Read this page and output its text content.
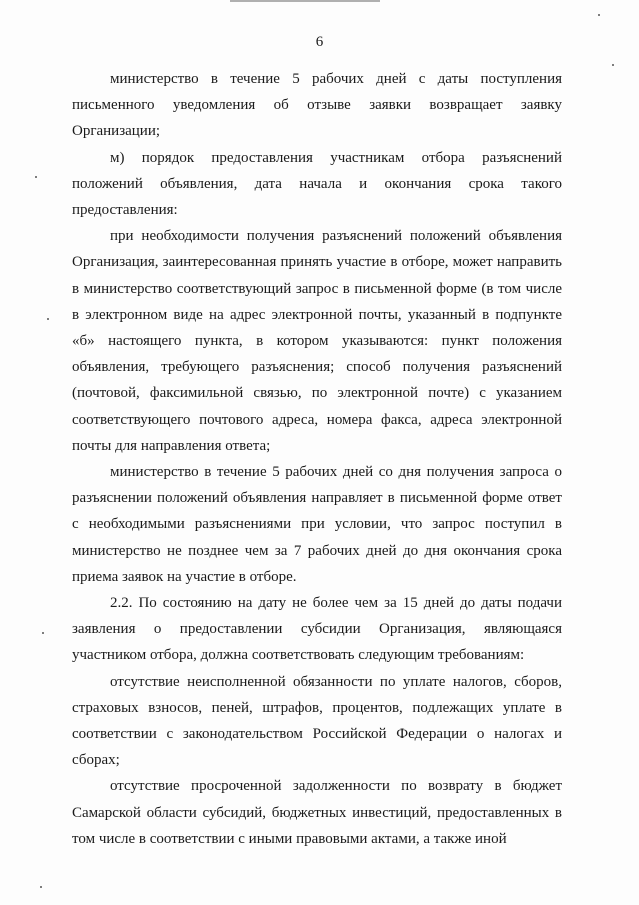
6

министерство в течение 5 рабочих дней с даты поступления письменного уведомления об отзыве заявки возвращает заявку Организации;

м) порядок предоставления участникам отбора разъяснений положений объявления, дата начала и окончания срока такого предоставления:

при необходимости получения разъяснений положений объявления Организация, заинтересованная принять участие в отборе, может направить в министерство соответствующий запрос в письменной форме (в том числе в электронном виде на адрес электронной почты, указанный в подпункте «б» настоящего пункта, в котором указываются: пункт положения объявления, требующего разъяснения; способ получения разъяснений (почтовой, факсимильной связью, по электронной почте) с указанием соответствующего почтового адреса, номера факса, адреса электронной почты для направления ответа;

министерство в течение 5 рабочих дней со дня получения запроса о разъяснении положений объявления направляет в письменной форме ответ с необходимыми разъяснениями при условии, что запрос поступил в министерство не позднее чем за 7 рабочих дней до дня окончания срока приема заявок на участие в отборе.

2.2. По состоянию на дату не более чем за 15 дней до даты подачи заявления о предоставлении субсидии Организация, являющаяся участником отбора, должна соответствовать следующим требованиям:

отсутствие неисполненной обязанности по уплате налогов, сборов, страховых взносов, пеней, штрафов, процентов, подлежащих уплате в соответствии с законодательством Российской Федерации о налогах и сборах;

отсутствие просроченной задолженности по возврату в бюджет Самарской области субсидий, бюджетных инвестиций, предоставленных в том числе в соответствии с иными правовыми актами, а также иной
